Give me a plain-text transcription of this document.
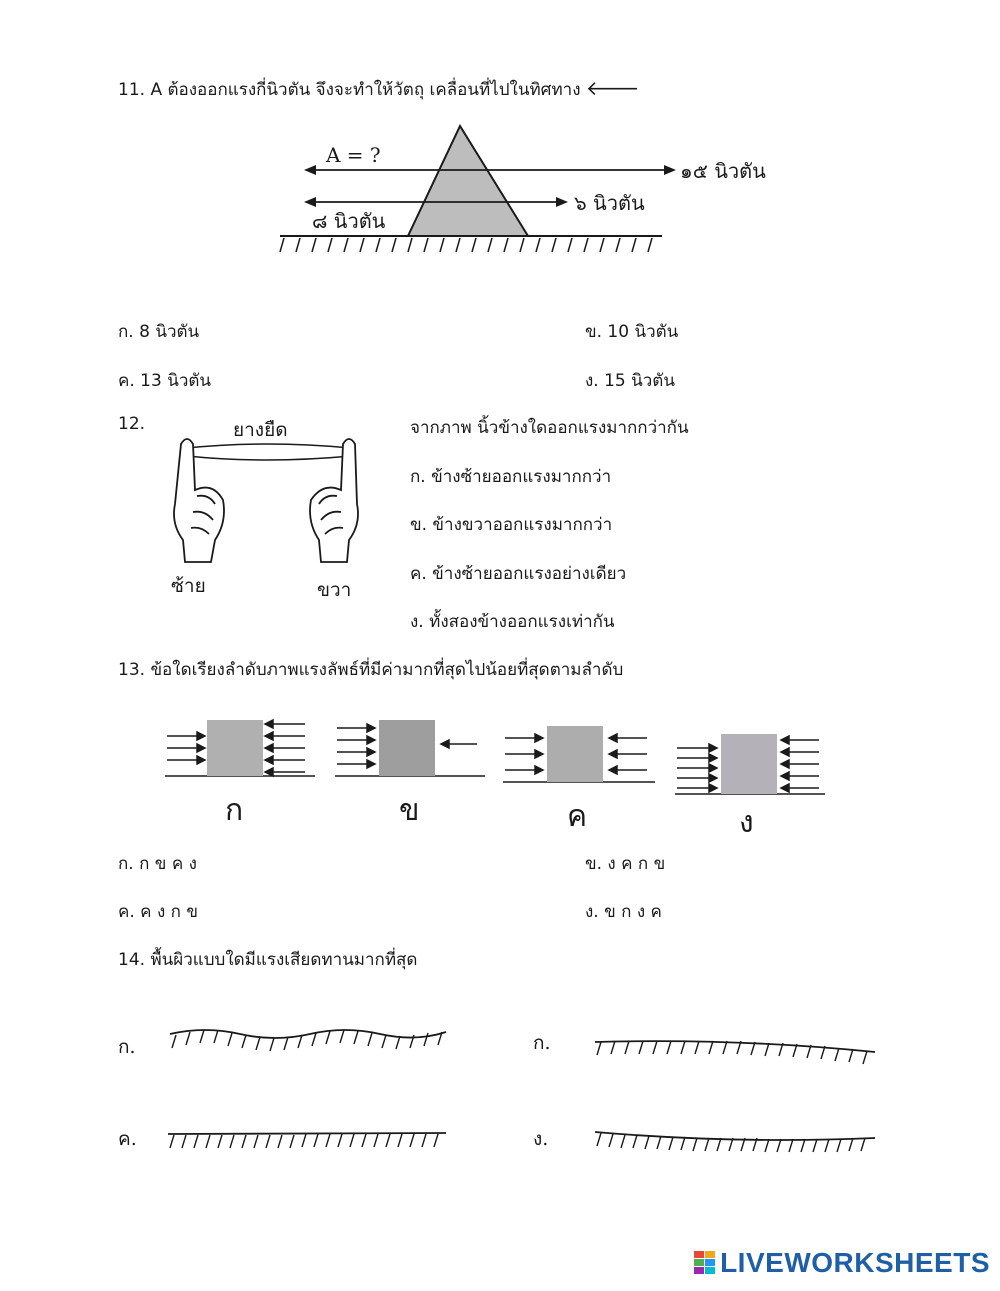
11. A ต้องออกแรงกี่นิวตัน จึงจะทำให้วัตถุ เคลื่อนที่ไปในทิศทาง 🡐
A = ?
๑๕ นิวตัน
๖ นิวตัน
๘ นิวตัน
ก. 8 นิวตัน	ข. 10 นิวตัน
ค. 13 นิวตัน	ง. 15 นิวตัน
12.	ยางยืด
ซ้าย	ขวา
จากภาพ นิ้วข้างใดออกแรงมากกว่ากัน
ก. ข้างซ้ายออกแรงมากกว่า
ข. ข้างขวาออกแรงมากกว่า
ค. ข้างซ้ายออกแรงอย่างเดียว
ง. ทั้งสองข้างออกแรงเท่ากัน
13. ข้อใดเรียงลำดับภาพแรงลัพธ์ที่มีค่ามากที่สุดไปน้อยที่สุดตามลำดับ
ก	ข	ค	ง
ก. ก ข ค ง	ข. ง ค ก ข
ค. ค ง ก ข	ง. ข ก ง ค
14. พื้นผิวแบบใดมีแรงเสียดทานมากที่สุด
ก.	ก.
ค.	ง.
LIVEWORKSHEETS
